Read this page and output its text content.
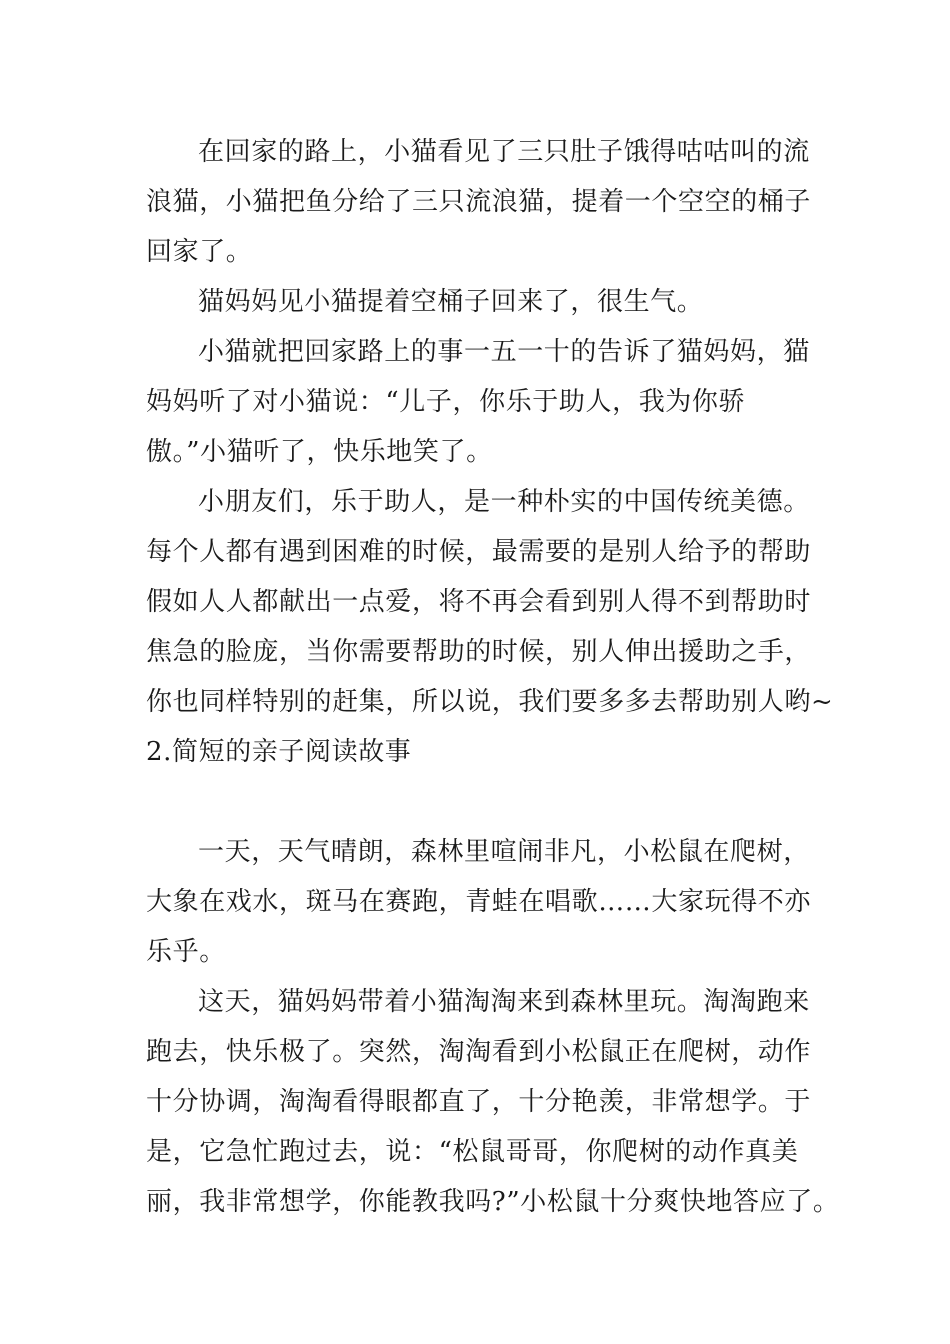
在回家的路上，小猫看见了三只肚子饿得咕咕叫的流
浪猫，小猫把鱼分给了三只流浪猫，提着一个空空的桶子
回家了。
猫妈妈见小猫提着空桶子回来了，很生气。
小猫就把回家路上的事一五一十的告诉了猫妈妈，猫
妈妈听了对小猫说：“儿子，你乐于助人，我为你骄
傲。”小猫听了，快乐地笑了。
小朋友们，乐于助人，是一种朴实的中国传统美德。
每个人都有遇到困难的时候，最需要的是别人给予的帮助
假如人人都献出一点爱，将不再会看到别人得不到帮助时
焦急的脸庞，当你需要帮助的时候，别人伸出援助之手，
你也同样特别的赶集，所以说，我们要多多去帮助别人哟~
2.简短的亲子阅读故事
一天，天气晴朗，森林里喧闹非凡，小松鼠在爬树，
大象在戏水，斑马在赛跑，青蛙在唱歌……大家玩得不亦
乐乎。
这天，猫妈妈带着小猫淘淘来到森林里玩。淘淘跑来
跑去，快乐极了。突然，淘淘看到小松鼠正在爬树，动作
十分协调，淘淘看得眼都直了，十分艳羡，非常想学。于
是，它急忙跑过去，说：“松鼠哥哥，你爬树的动作真美
丽，我非常想学，你能教我吗?”小松鼠十分爽快地答应了。
